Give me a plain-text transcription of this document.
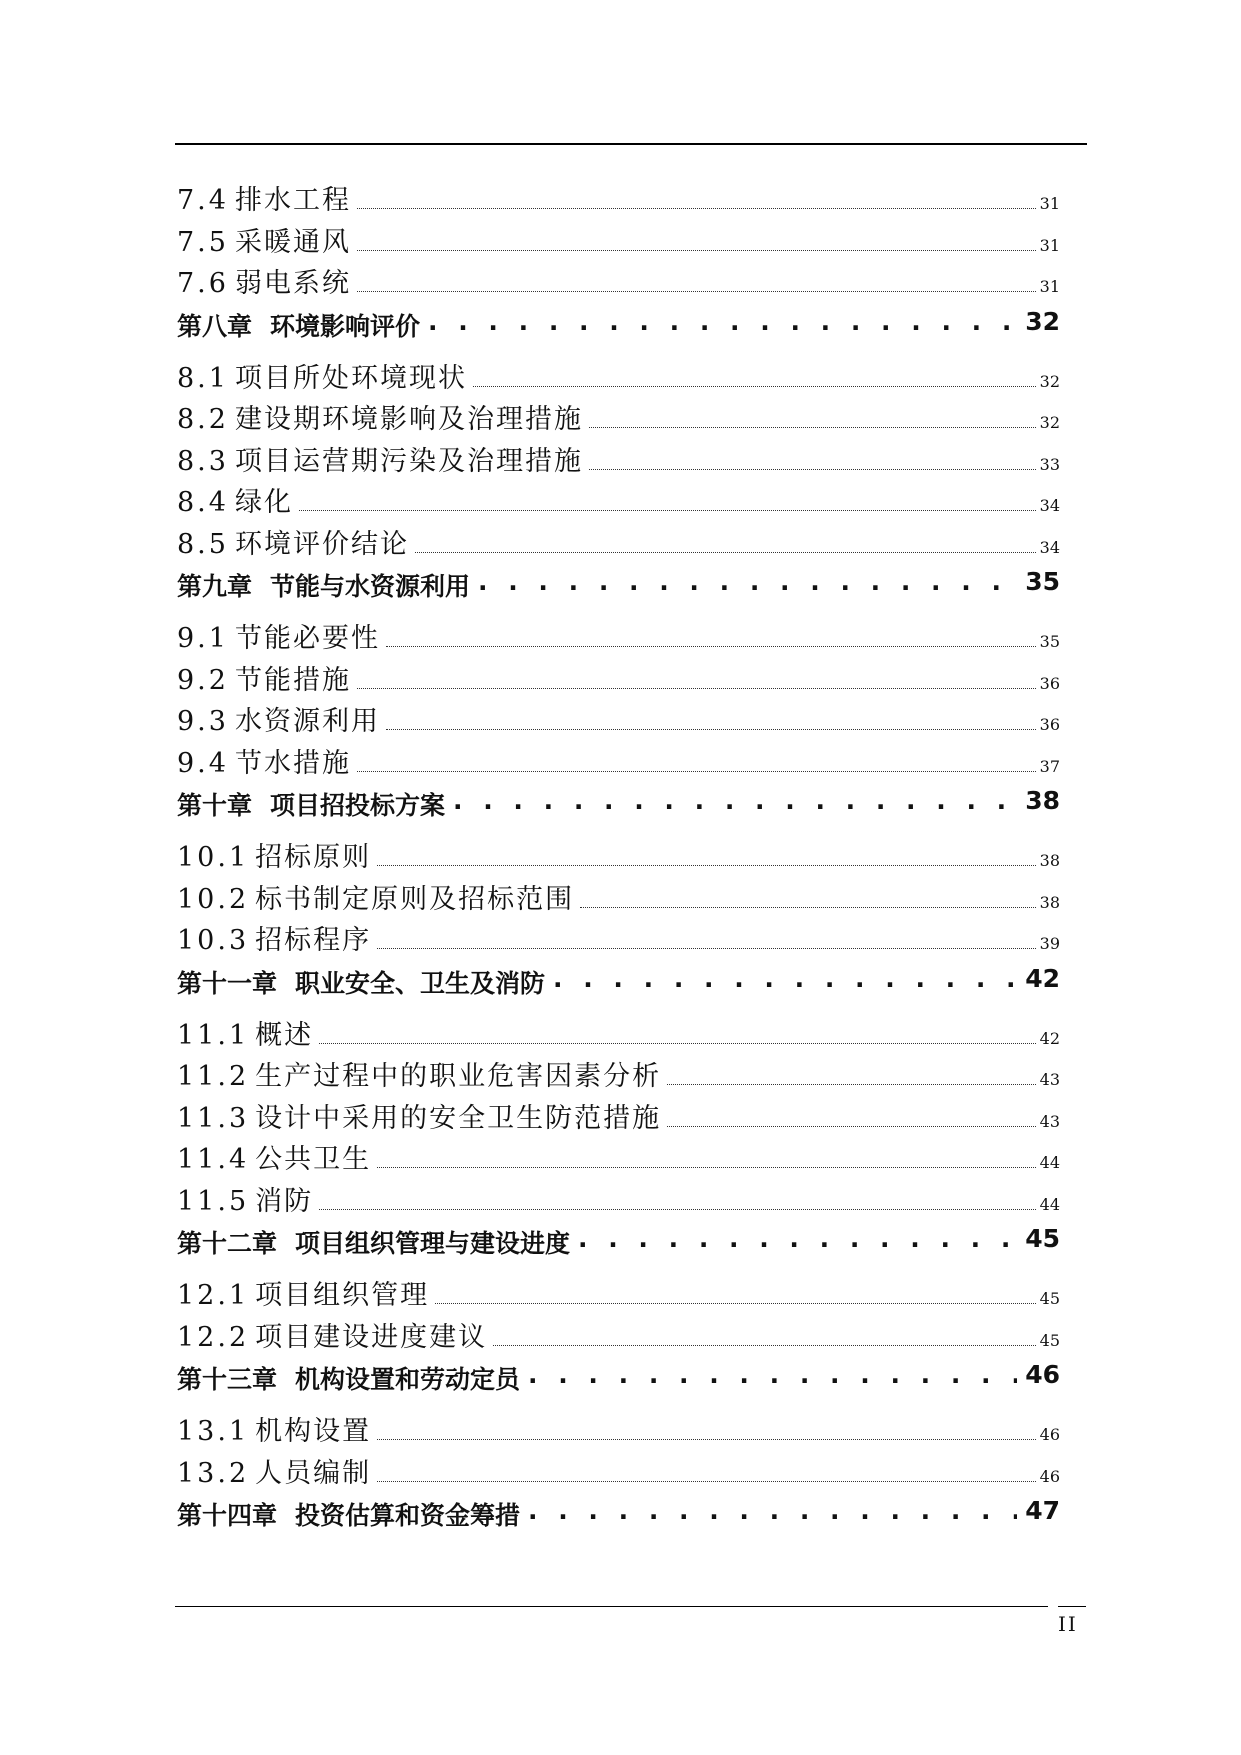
7.4 排水工程	31
7.5 采暖通风	31
7.6 弱电系统	31
第八章 环境影响评价 . . .	32
8.1 项目所处环境现状	32
8.2 建设期环境影响及治理措施	32
8.3 项目运营期污染及治理措施	33
8.4 绿化	34
8.5 环境评价结论	34
第九章 节能与水资源利用 . . .	35
9.1 节能必要性	35
9.2 节能措施	36
9.3 水资源利用	36
9.4 节水措施	37
第十章 项目招投标方案 . . .	38
10.1 招标原则	38
10.2 标书制定原则及招标范围	38
10.3 招标程序	39
第十一章 职业安全、卫生及消防 . . .	42
11.1 概述	42
11.2 生产过程中的职业危害因素分析	43
11.3 设计中采用的安全卫生防范措施	43
11.4 公共卫生	44
11.5 消防	44
第十二章 项目组织管理与建设进度 . . .	45
12.1 项目组织管理	45
12.2 项目建设进度建议	45
第十三章 机构设置和劳动定员 . . .	46
13.1 机构设置	46
13.2 人员编制	46
第十四章 投资估算和资金筹措 . . .	47
II
